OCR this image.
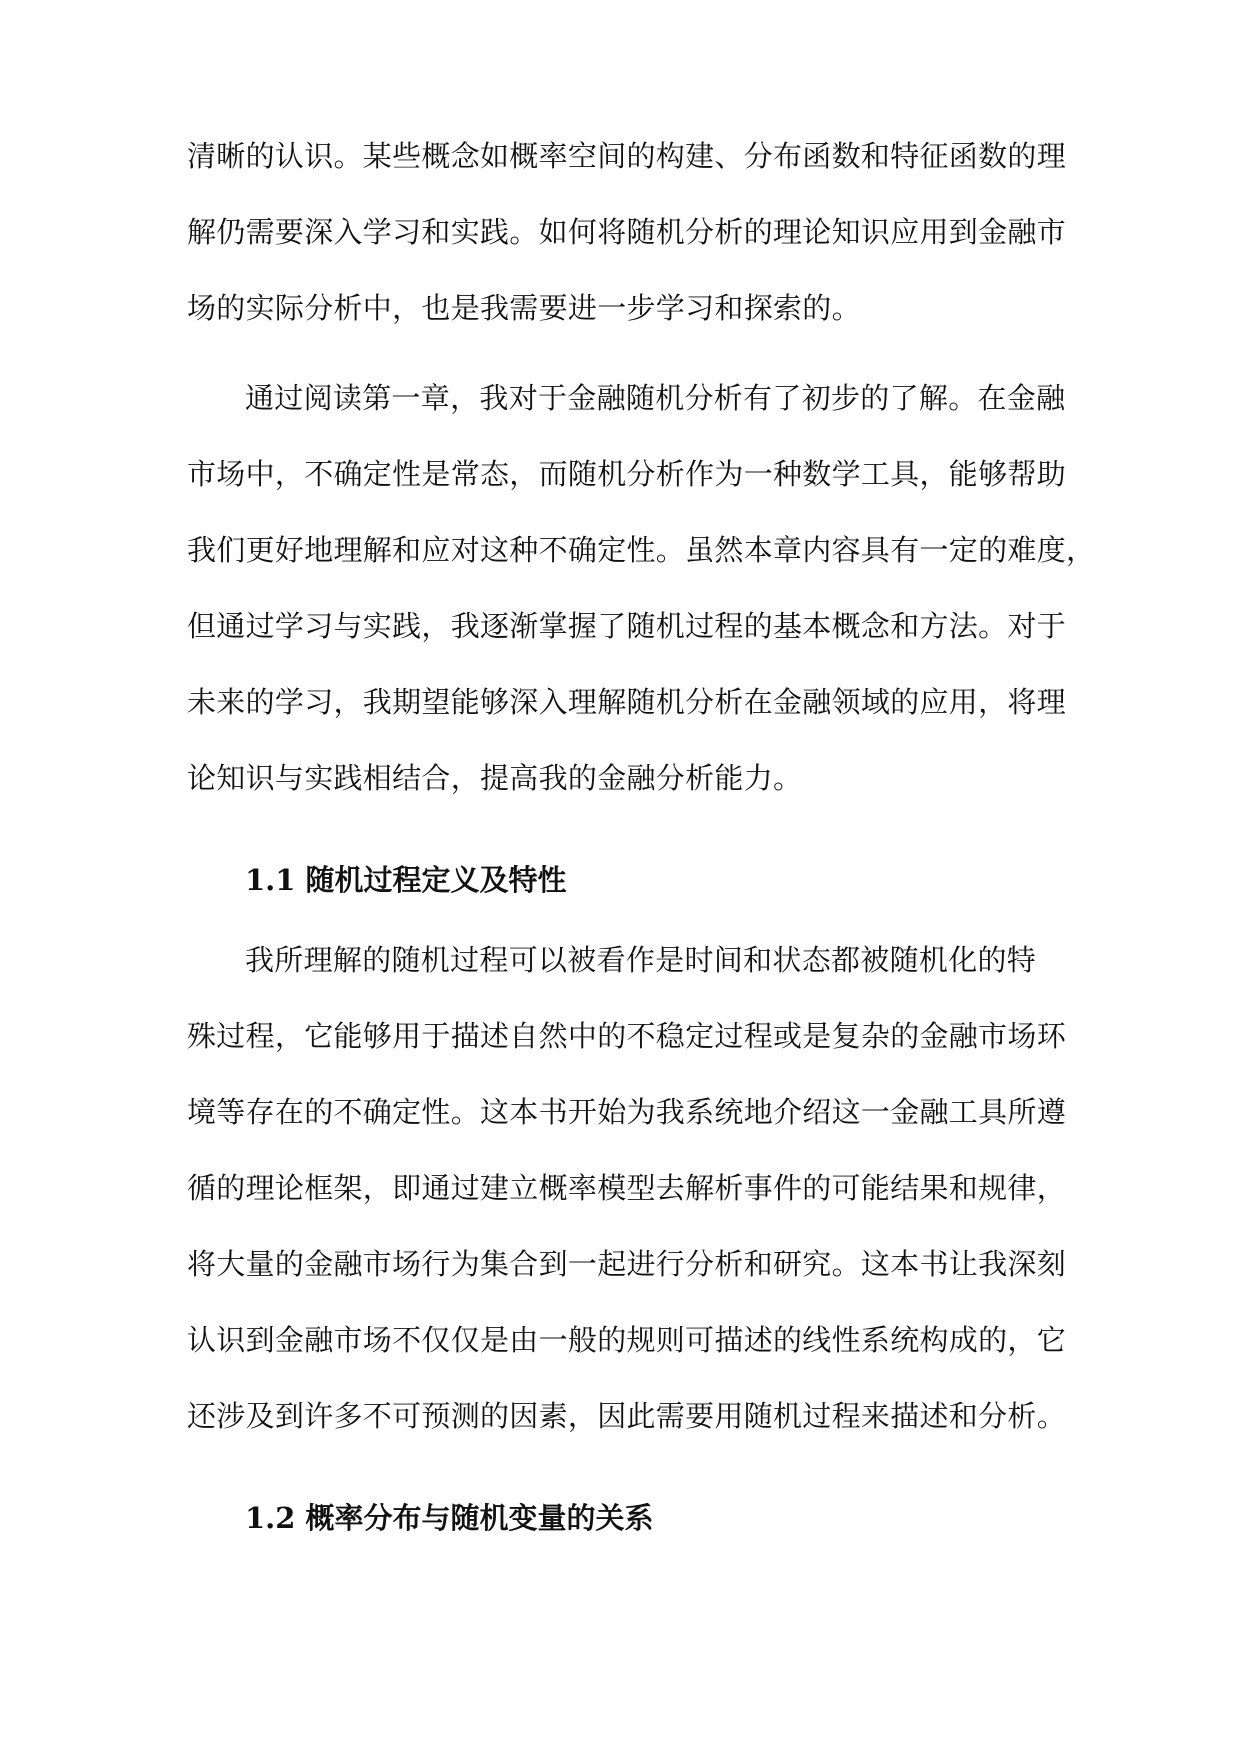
清晰的认识。某些概念如概率空间的构建、分布函数和特征函数的理
解仍需要深入学习和实践。如何将随机分析的理论知识应用到金融市
场的实际分析中，也是我需要进一步学习和探索的。
通过阅读第一章，我对于金融随机分析有了初步的了解。在金融
市场中，不确定性是常态，而随机分析作为一种数学工具，能够帮助
我们更好地理解和应对这种不确定性。虽然本章内容具有一定的难度，
但通过学习与实践，我逐渐掌握了随机过程的基本概念和方法。对于
未来的学习，我期望能够深入理解随机分析在金融领域的应用，将理
论知识与实践相结合，提高我的金融分析能力。
1.1 随机过程定义及特性
我所理解的随机过程可以被看作是时间和状态都被随机化的特
殊过程，它能够用于描述自然中的不稳定过程或是复杂的金融市场环
境等存在的不确定性。这本书开始为我系统地介绍这一金融工具所遵
循的理论框架，即通过建立概率模型去解析事件的可能结果和规律，
将大量的金融市场行为集合到一起进行分析和研究。这本书让我深刻
认识到金融市场不仅仅是由一般的规则可描述的线性系统构成的，它
还涉及到许多不可预测的因素，因此需要用随机过程来描述和分析。
1.2 概率分布与随机变量的关系
